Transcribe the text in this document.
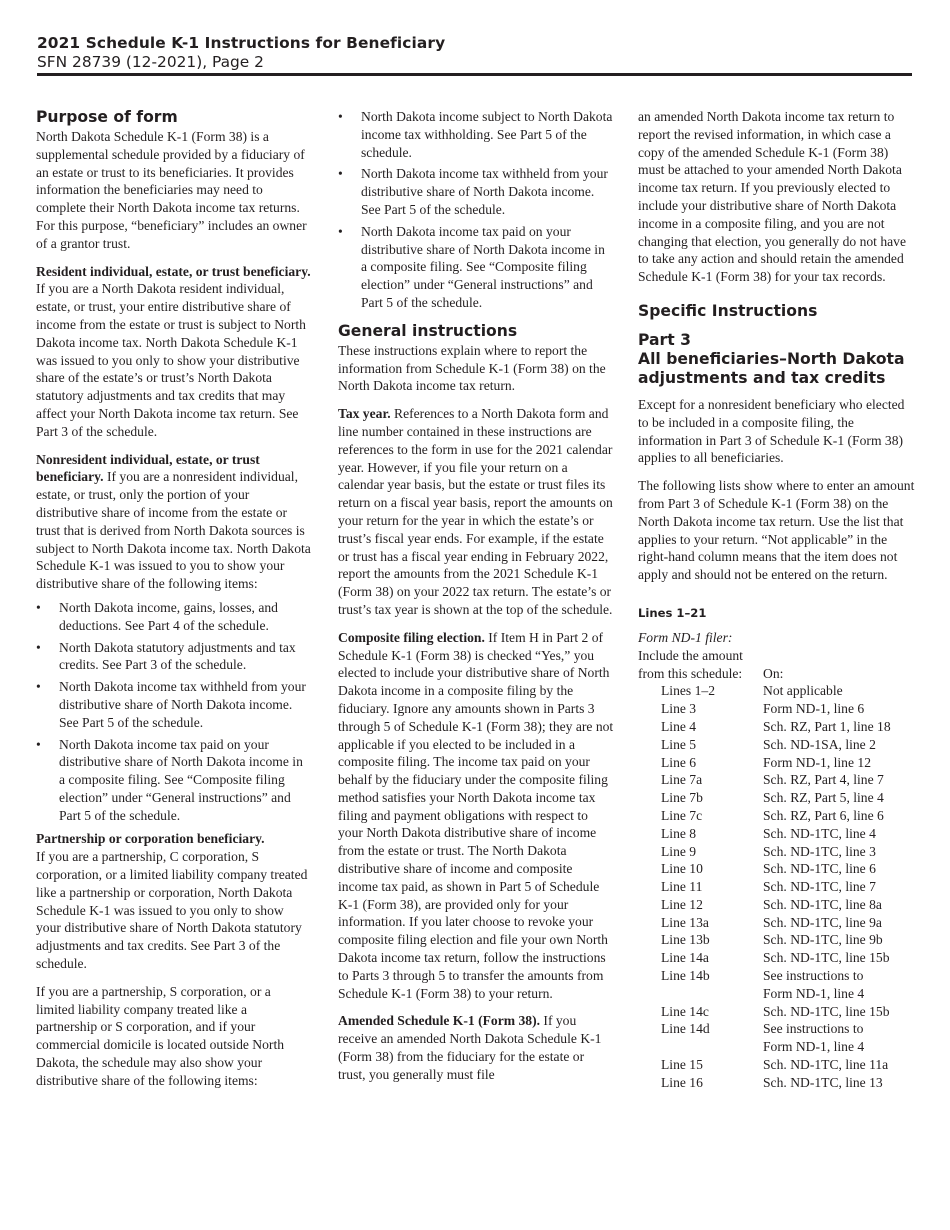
2021 Schedule K-1 Instructions for Beneficiary
SFN 28739 (12-2021), Page 2
Purpose of form

North Dakota Schedule K-1 (Form 38) is a supplemental schedule provided by a fiduciary of an estate or trust to its beneficiaries. It provides information the beneficiaries may need to complete their North Dakota income tax returns. For this purpose, “beneficiary” includes an owner of a grantor trust.

Resident individual, estate, or trust beneficiary. If you are a North Dakota resident individual, estate, or trust, your entire distributive share of income from the estate or trust is subject to North Dakota income tax. North Dakota Schedule K-1 was issued to you only to show your distributive share of the estate’s or trust’s North Dakota statutory adjustments and tax credits that may affect your North Dakota income tax return. See Part 3 of the schedule.

Nonresident individual, estate, or trust beneficiary. If you are a nonresident individual, estate, or trust, only the portion of your distributive share of income from the estate or trust that is derived from North Dakota sources is subject to North Dakota income tax. North Dakota Schedule K-1 was issued to you to show your distributive share of the following items:

• North Dakota income, gains, losses, and deductions. See Part 4 of the schedule.
• North Dakota statutory adjustments and tax credits. See Part 3 of the schedule.
• North Dakota income tax withheld from your distributive share of North Dakota income. See Part 5 of the schedule.
• North Dakota income tax paid on your distributive share of North Dakota income in a composite filing. See “Composite filing election” under “General instructions” and Part 5 of the schedule.

Partnership or corporation beneficiary.
If you are a partnership, C corporation, S corporation, or a limited liability company treated like a partnership or corporation, North Dakota Schedule K-1 was issued to you only to show your distributive share of North Dakota statutory adjustments and tax credits. See Part 3 of the schedule.

If you are a partnership, S corporation, or a limited liability company treated like a partnership or S corporation, and if your commercial domicile is located outside North Dakota, the schedule may also show your distributive share of the following items:

• North Dakota income subject to North Dakota income tax withholding. See Part 5 of the schedule.
• North Dakota income tax withheld from your distributive share of North Dakota income. See Part 5 of the schedule.
• North Dakota income tax paid on your distributive share of North Dakota income in a composite filing. See “Composite filing election” under “General instructions” and Part 5 of the schedule.
General instructions

These instructions explain where to report the information from Schedule K-1 (Form 38) on the North Dakota income tax return.

Tax year. References to a North Dakota form and line number contained in these instructions are references to the form in use for the 2021 calendar year. However, if you file your return on a calendar year basis, but the estate or trust files its return on a fiscal year basis, report the amounts on your return for the year in which the estate’s or trust’s fiscal year ends. For example, if the estate or trust has a fiscal year ending in February 2022, report the amounts from the 2021 Schedule K-1 (Form 38) on your 2022 tax return. The estate’s or trust’s tax year is shown at the top of the schedule.

Composite filing election. If Item H in Part 2 of Schedule K-1 (Form 38) is checked “Yes,” you elected to include your distributive share of North Dakota income in a composite filing by the fiduciary. Ignore any amounts shown in Parts 3 through 5 of Schedule K-1 (Form 38); they are not applicable if you elected to be included in a composite filing. The income tax paid on your behalf by the fiduciary under the composite filing method satisfies your North Dakota income tax filing and payment obligations with respect to your North Dakota distributive share of income from the estate or trust. The North Dakota distributive share of income and composite income tax paid, as shown in Part 5 of Schedule K-1 (Form 38), are provided only for your information. If you later choose to revoke your composite filing election and file your own North Dakota income tax return, follow the instructions to Parts 3 through 5 to transfer the amounts from Schedule K-1 (Form 38) to your return.

Amended Schedule K-1 (Form 38). If you receive an amended North Dakota Schedule K-1 (Form 38) from the fiduciary for the estate or trust, you generally must file

an amended North Dakota income tax return to report the revised information, in which case a copy of the amended Schedule K-1 (Form 38) must be attached to your amended North Dakota income tax return. If you previously elected to include your distributive share of North Dakota income in a composite filing, and you are not changing that election, you generally do not have to take any action and should retain the amended Schedule K-1 (Form 38) for your tax records.

Specific Instructions
Part 3
All beneficiaries–North Dakota adjustments and tax credits

Except for a nonresident beneficiary who elected to be included in a composite filing, the information in Part 3 of Schedule K-1 (Form 38) applies to all beneficiaries.

The following lists show where to enter an amount from Part 3 of Schedule K-1 (Form 38) on the North Dakota income tax return. Use the list that applies to your return. “Not applicable” in the right-hand column means that the item does not apply and should not be entered on the return.

Lines 1–21
Form ND-1 filer:
Include the amount
from this schedule:	On:
Lines 1–2	Not applicable
Line 3	Form ND-1, line 6
Line 4	Sch. RZ, Part 1, line 18
Line 5	Sch. ND-1SA, line 2
Line 6	Form ND-1, line 12
Line 7a	Sch. RZ, Part 4, line 7
Line 7b	Sch. RZ, Part 5, line 4
Line 7c	Sch. RZ, Part 6, line 6
Line 8	Sch. ND-1TC, line 4
Line 9	Sch. ND-1TC, line 3
Line 10	Sch. ND-1TC, line 6
Line 11	Sch. ND-1TC, line 7
Line 12	Sch. ND-1TC, line 8a
Line 13a	Sch. ND-1TC, line 9a
Line 13b	Sch. ND-1TC, line 9b
Line 14a	Sch. ND-1TC, line 15b
Line 14b	See instructions to
Form ND-1, line 4
Line 14c	Sch. ND-1TC, line 15b
Line 14d	See instructions to
Form ND-1, line 4
Line 15	Sch. ND-1TC, line 11a
Line 16	Sch. ND-1TC, line 13
